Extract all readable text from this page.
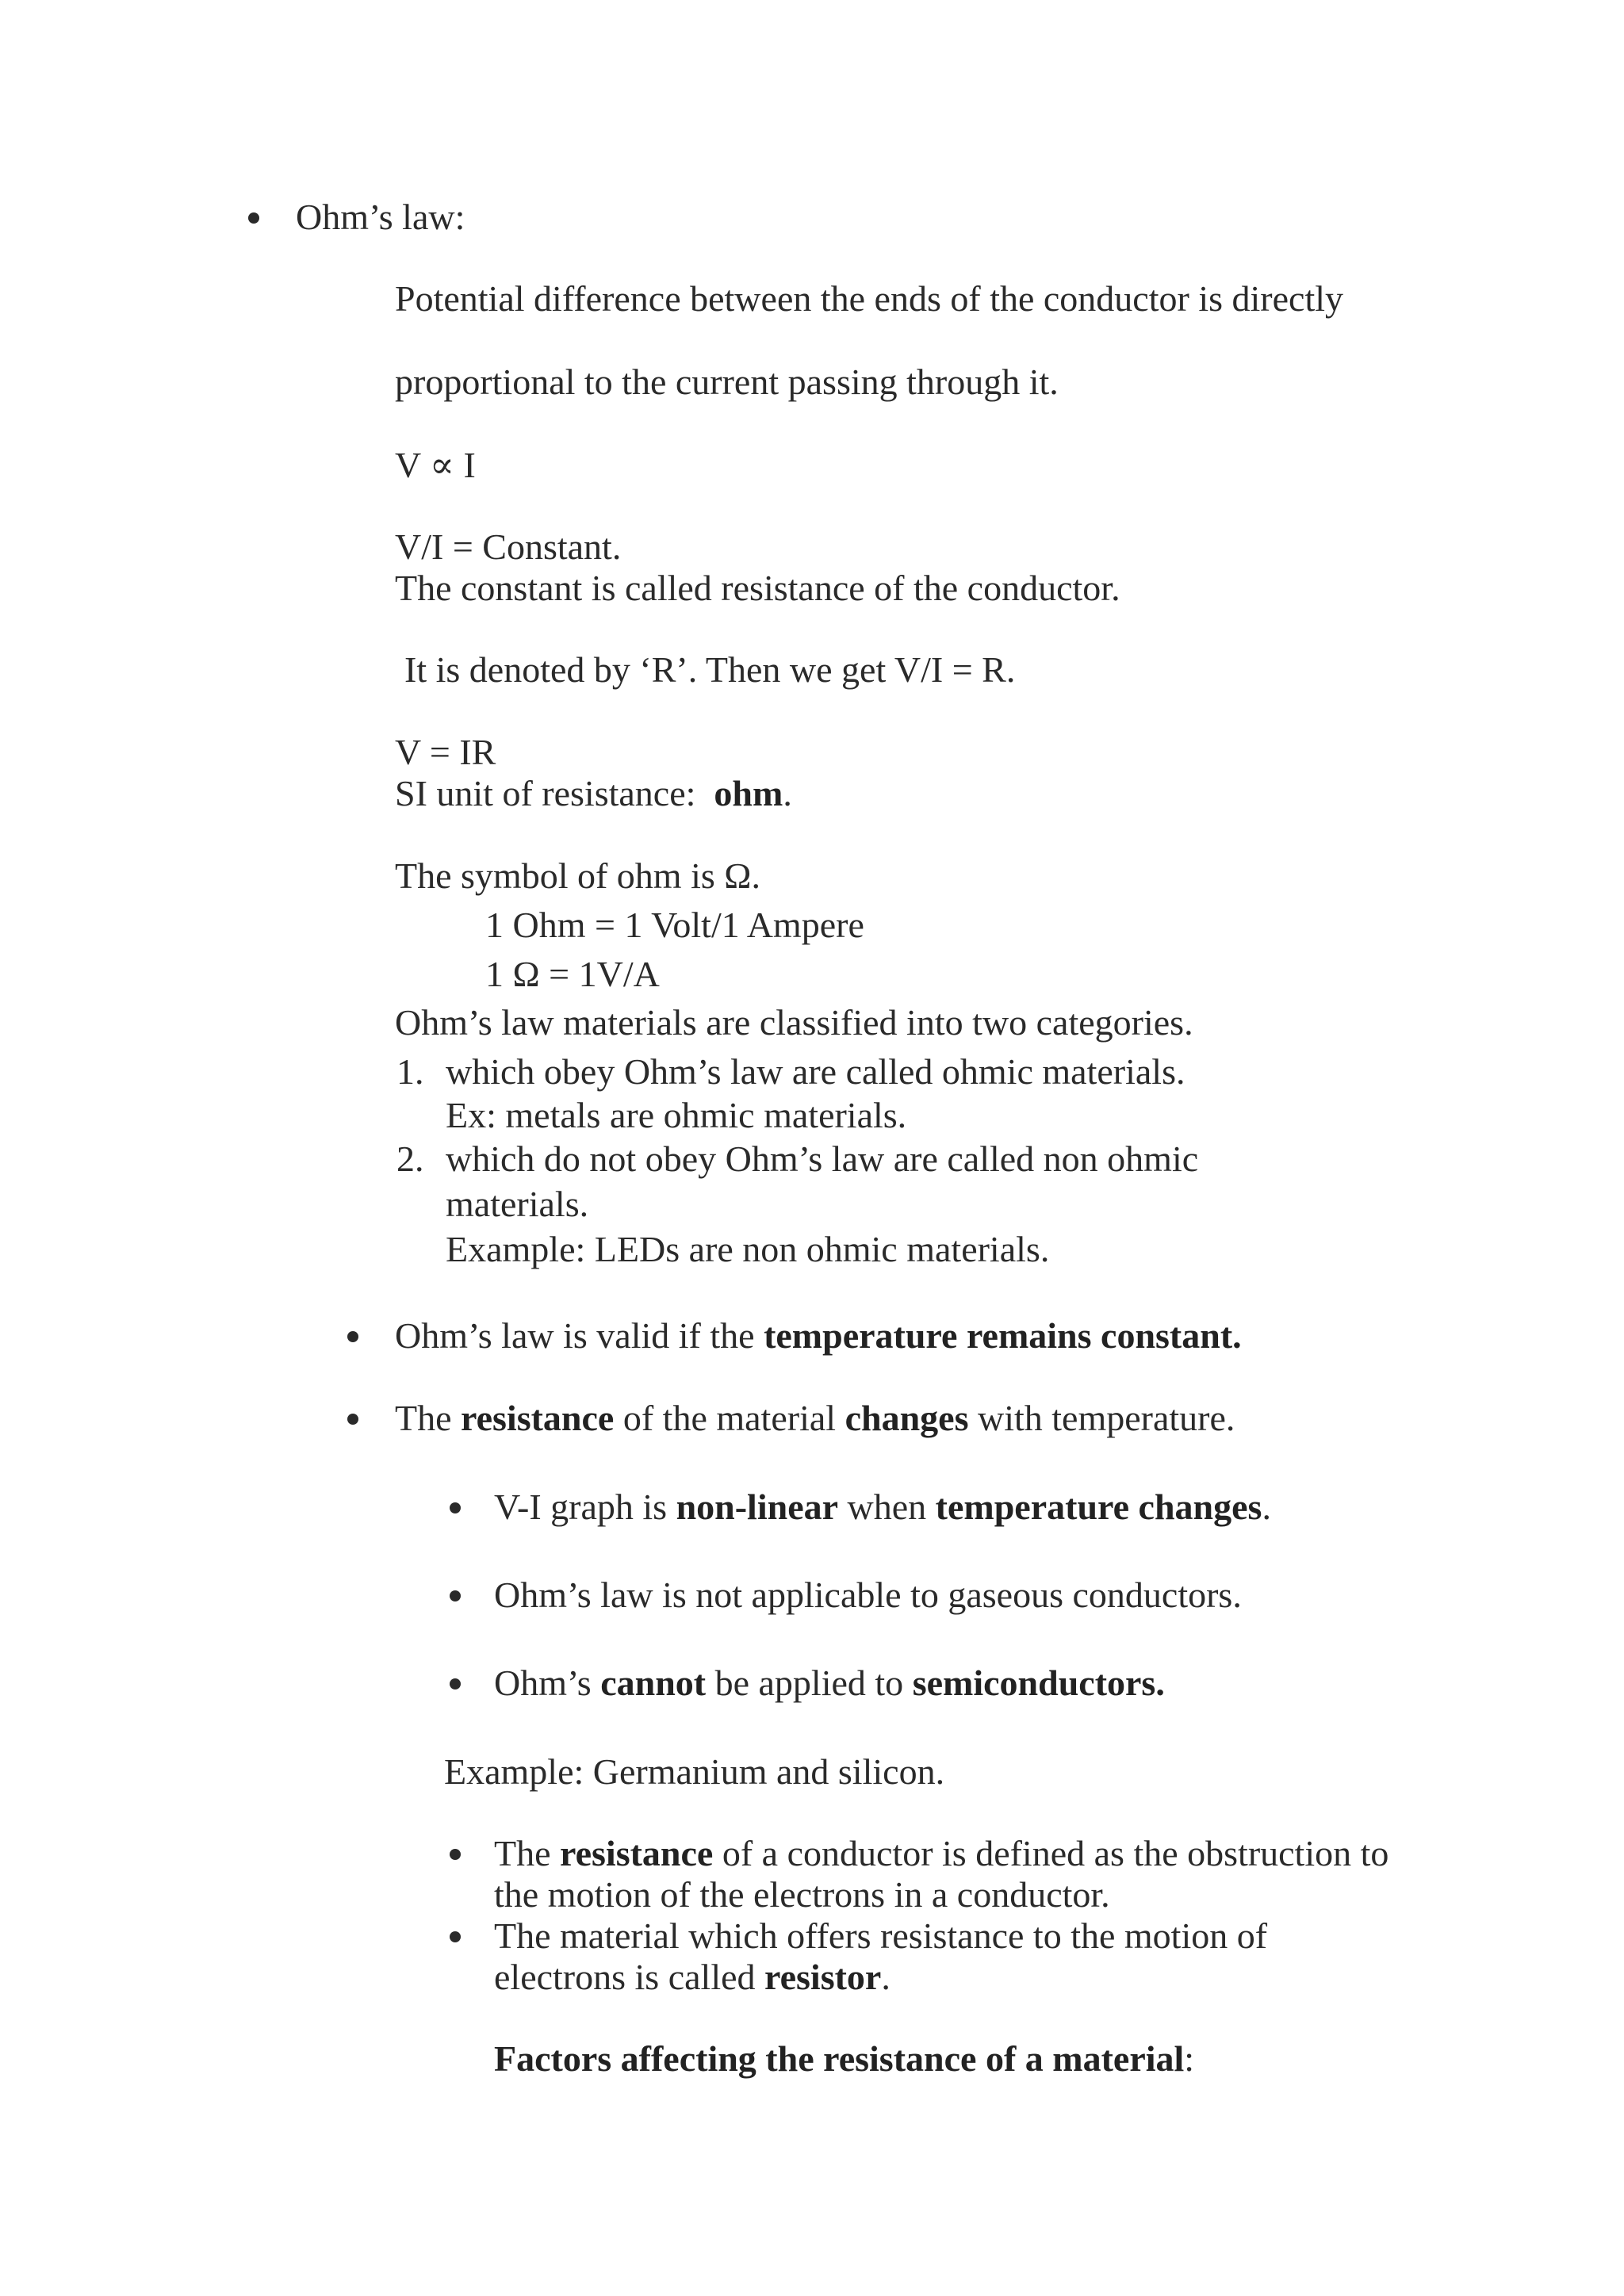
Ohm’s law:
Potential difference between the ends of the conductor is directly
proportional to the current passing through it.
V ∝ I
V/I = Constant.
The constant is called resistance of the conductor.
It is denoted by ‘R’. Then we get V/I = R.
V = IR
SI unit of resistance:  ohm.
The symbol of ohm is Ω.
1 Ohm = 1 Volt/1 Ampere
1 Ω = 1V/A
Ohm’s law materials are classified into two categories.
1. which obey Ohm’s law are called ohmic materials.
Ex: metals are ohmic materials.
2. which do not obey Ohm’s law are called non ohmic
materials.
Example: LEDs are non ohmic materials.
Ohm’s law is valid if the temperature remains constant.
The resistance of the material changes with temperature.
V-I graph is non-linear when temperature changes.
Ohm’s law is not applicable to gaseous conductors.
Ohm’s cannot be applied to semiconductors.
Example: Germanium and silicon.
The resistance of a conductor is defined as the obstruction to
the motion of the electrons in a conductor.
The material which offers resistance to the motion of
electrons is called resistor.
Factors affecting the resistance of a material:
